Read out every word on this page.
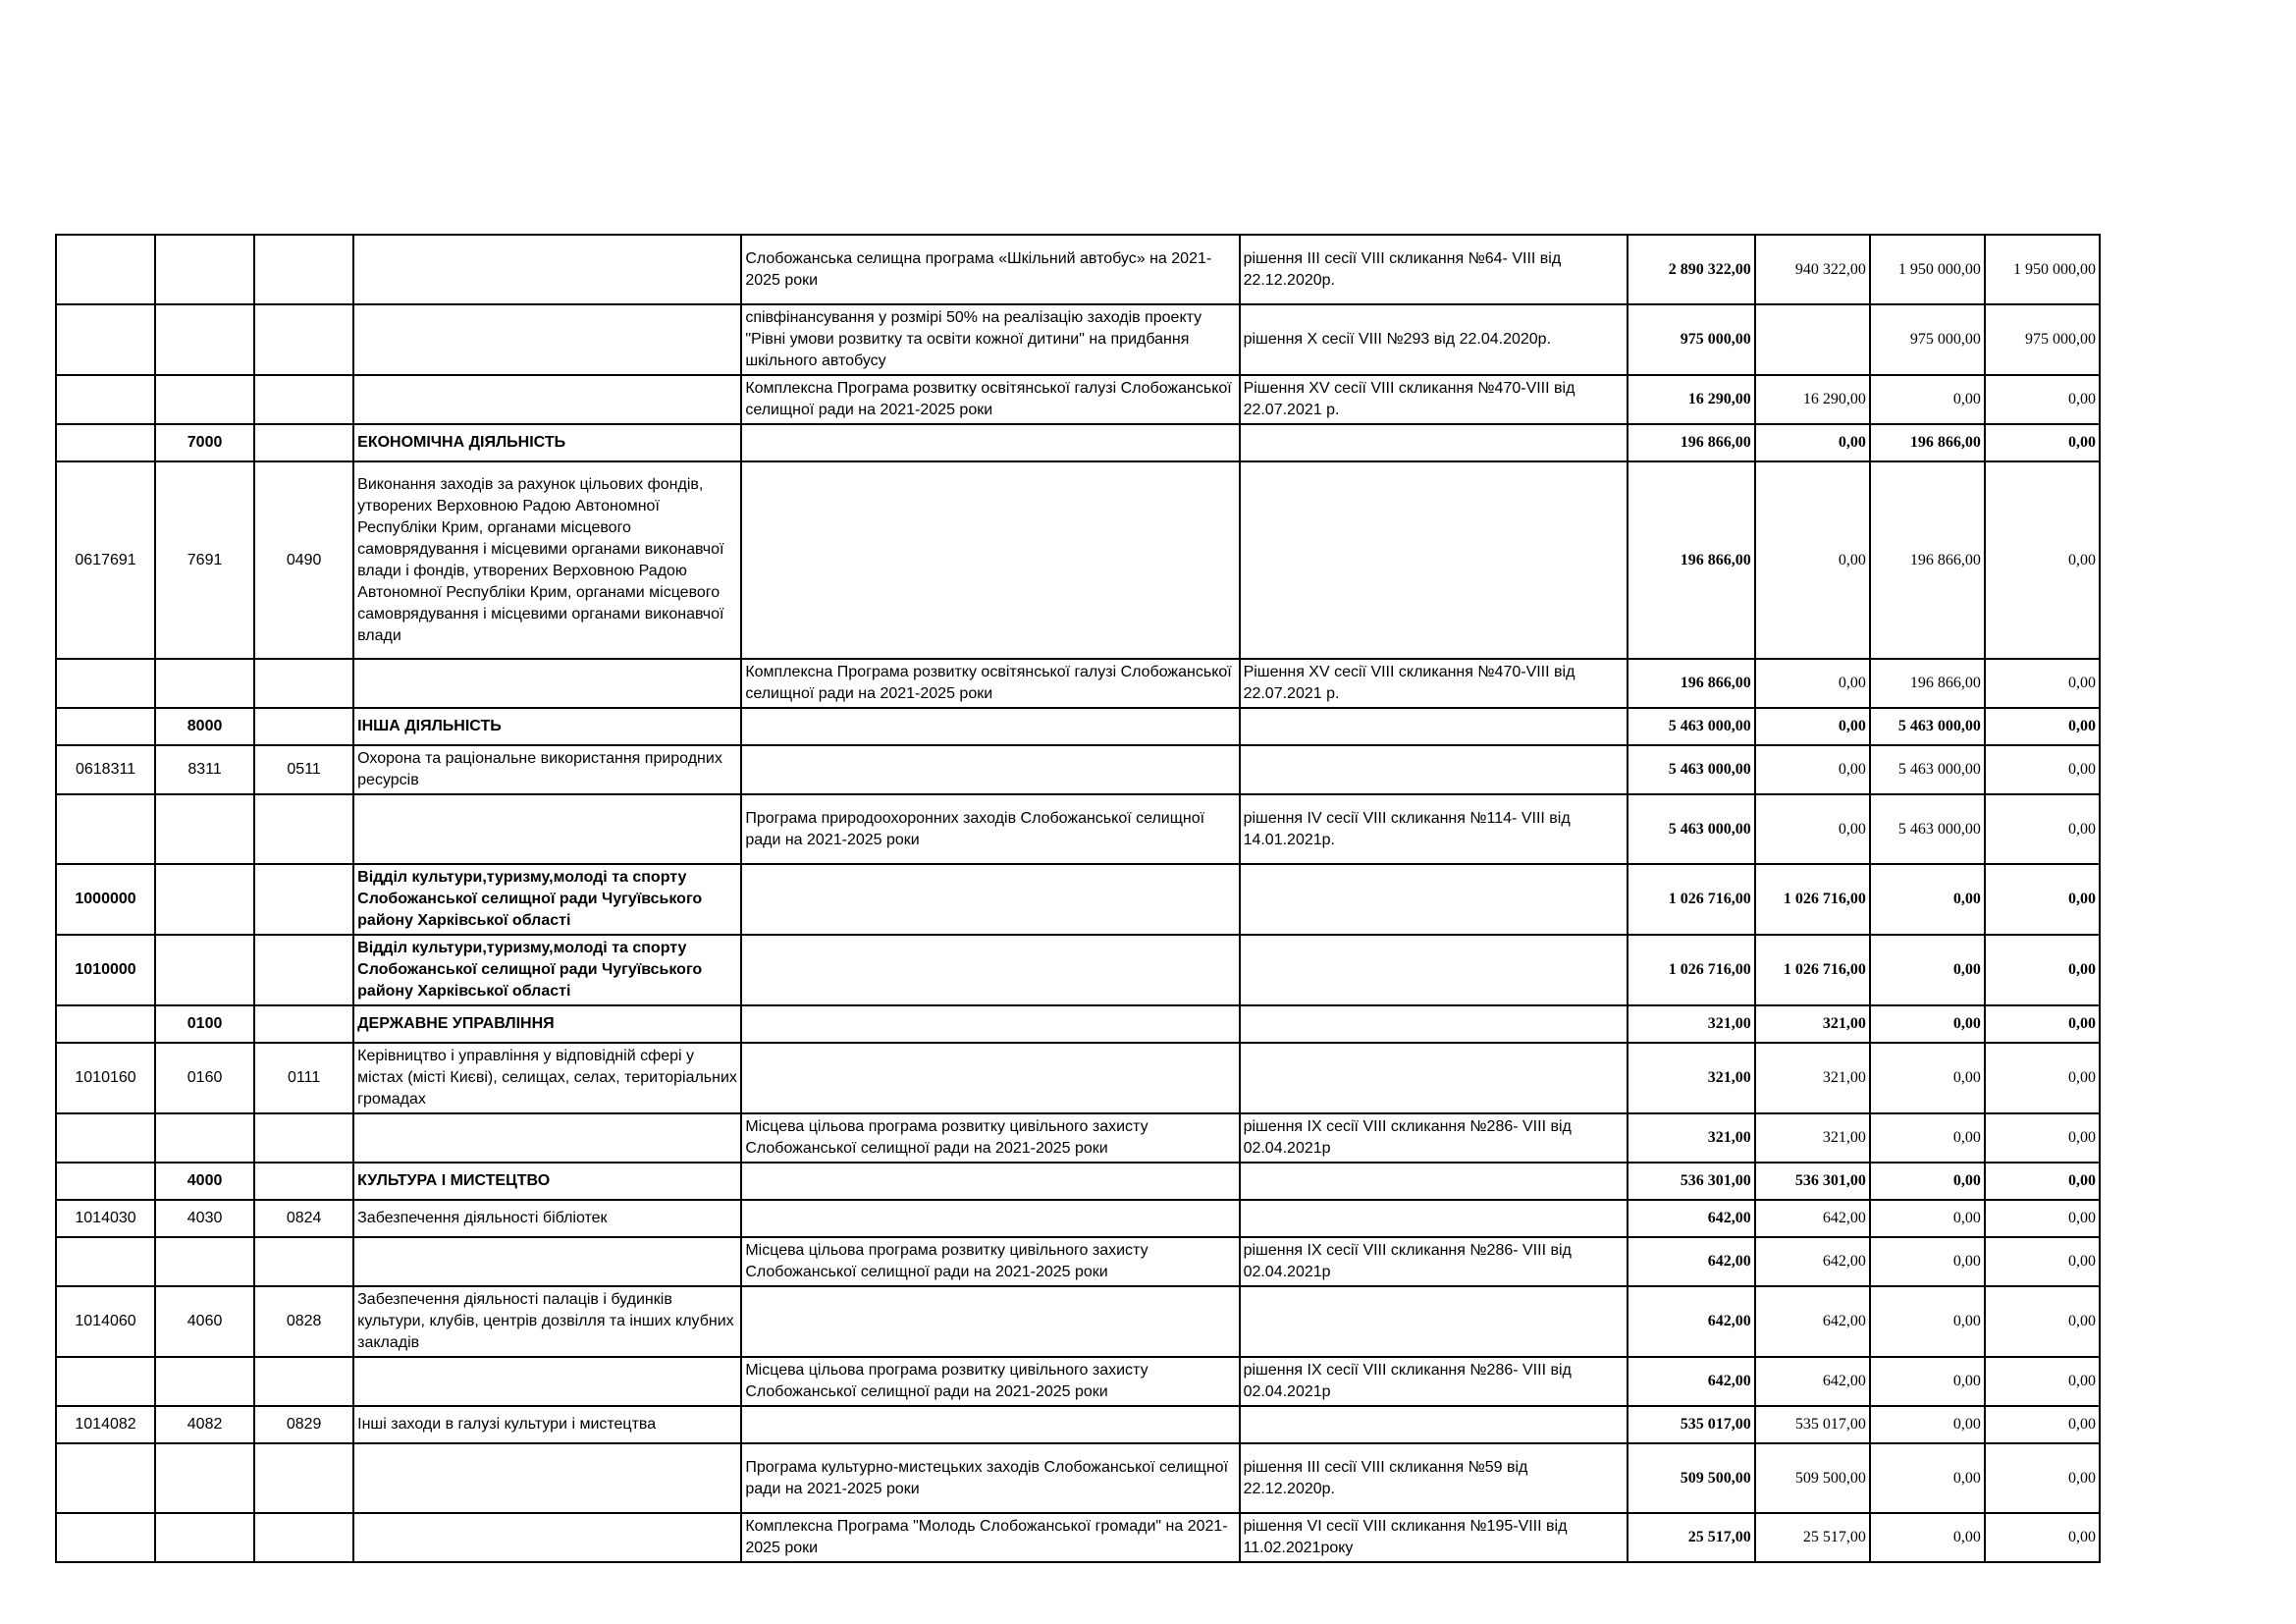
				Слобожанська селищна програма «Шкільний автобус» на 2021-2025 роки	рішення ІІІ сесії VІІІ скликання №64- VІІІ від 22.12.2020р.	2 890 322,00	940 322,00	1 950 000,00	1 950 000,00
				співфінансування у розмірі 50% на реалізацію заходів проекту "Рівні умови розвитку та освіти кожної дитини" на придбання шкільного автобусу	рішення Х сесії VІІІ №293 від 22.04.2020р.	975 000,00		975 000,00	975 000,00
				Комплексна Програма розвитку освітянської галузі Слобожанської селищної ради на 2021-2025 роки	Рішення ХV сесії VIII скликання №470-VIII від 22.07.2021 р.	16 290,00	16 290,00	0,00	0,00
	7000		ЕКОНОМІЧНА ДІЯЛЬНІСТЬ			196 866,00	0,00	196 866,00	0,00
0617691	7691	0490	Виконання заходів за рахунок цільових фондів, утворених Верховною Радою Автономної Республіки Крим, органами місцевого самоврядування і місцевими органами виконавчої влади і фондів, утворених Верховною Радою Автономної Республіки Крим, органами місцевого самоврядування і місцевими органами виконавчої влади			196 866,00	0,00	196 866,00	0,00
				Комплексна Програма розвитку освітянської галузі Слобожанської селищної ради на 2021-2025 роки	Рішення ХV сесії VIII скликання №470-VIII від 22.07.2021 р.	196 866,00	0,00	196 866,00	0,00
	8000		ІНША ДІЯЛЬНІСТЬ			5 463 000,00	0,00	5 463 000,00	0,00
0618311	8311	0511	Охорона та раціональне використання природних ресурсів			5 463 000,00	0,00	5 463 000,00	0,00
				Програма природоохоронних заходів Слобожанської селищної ради на 2021-2025 роки	рішення ІV сесії VІІІ скликання №114- VІІІ від 14.01.2021р.	5 463 000,00	0,00	5 463 000,00	0,00
1000000			Відділ культури,туризму,молоді та спорту Слобожанської селищної ради Чугуївського району Харківської області			1 026 716,00	1 026 716,00	0,00	0,00
1010000			Відділ культури,туризму,молоді та спорту Слобожанської селищної ради Чугуївського району Харківської області			1 026 716,00	1 026 716,00	0,00	0,00
	0100		ДЕРЖАВНЕ УПРАВЛІННЯ			321,00	321,00	0,00	0,00
1010160	0160	0111	Керівництво і управління у відповідній сфері у містах (місті Києві), селищах, селах, територіальних громадах			321,00	321,00	0,00	0,00
				Місцева цільова програма розвитку цивільного захисту Слобожанської селищної ради на 2021-2025 роки	рішення ІХ сесії VІІІ скликання №286- VІІІ від 02.04.2021р	321,00	321,00	0,00	0,00
	4000		КУЛЬТУРА І МИСТЕЦТВО			536 301,00	536 301,00	0,00	0,00
1014030	4030	0824	Забезпечення діяльності бібліотек			642,00	642,00	0,00	0,00
				Місцева цільова програма розвитку цивільного захисту Слобожанської селищної ради на 2021-2025 роки	рішення ІХ сесії VІІІ скликання №286- VІІІ від 02.04.2021р	642,00	642,00	0,00	0,00
1014060	4060	0828	Забезпечення діяльності палаців i будинків культури, клубів, центрів дозвілля та iнших клубних закладів			642,00	642,00	0,00	0,00
				Місцева цільова програма розвитку цивільного захисту Слобожанської селищної ради на 2021-2025 роки	рішення ІХ сесії VІІІ скликання №286- VІІІ від 02.04.2021р	642,00	642,00	0,00	0,00
1014082	4082	0829	Інші заходи в галузі культури і мистецтва			535 017,00	535 017,00	0,00	0,00
				Програма культурно-мистецьких заходів Слобожанської селищної ради на 2021-2025 роки	рішення ІІІ сесії VІІІ скликання №59 від 22.12.2020р.	509 500,00	509 500,00	0,00	0,00
				Комплексна Програма "Молодь Слобожанської громади" на 2021-2025 роки	рішення VІ сесії VІІІ скликання №195-VІІІ від 11.02.2021року	25 517,00	25 517,00	0,00	0,00
